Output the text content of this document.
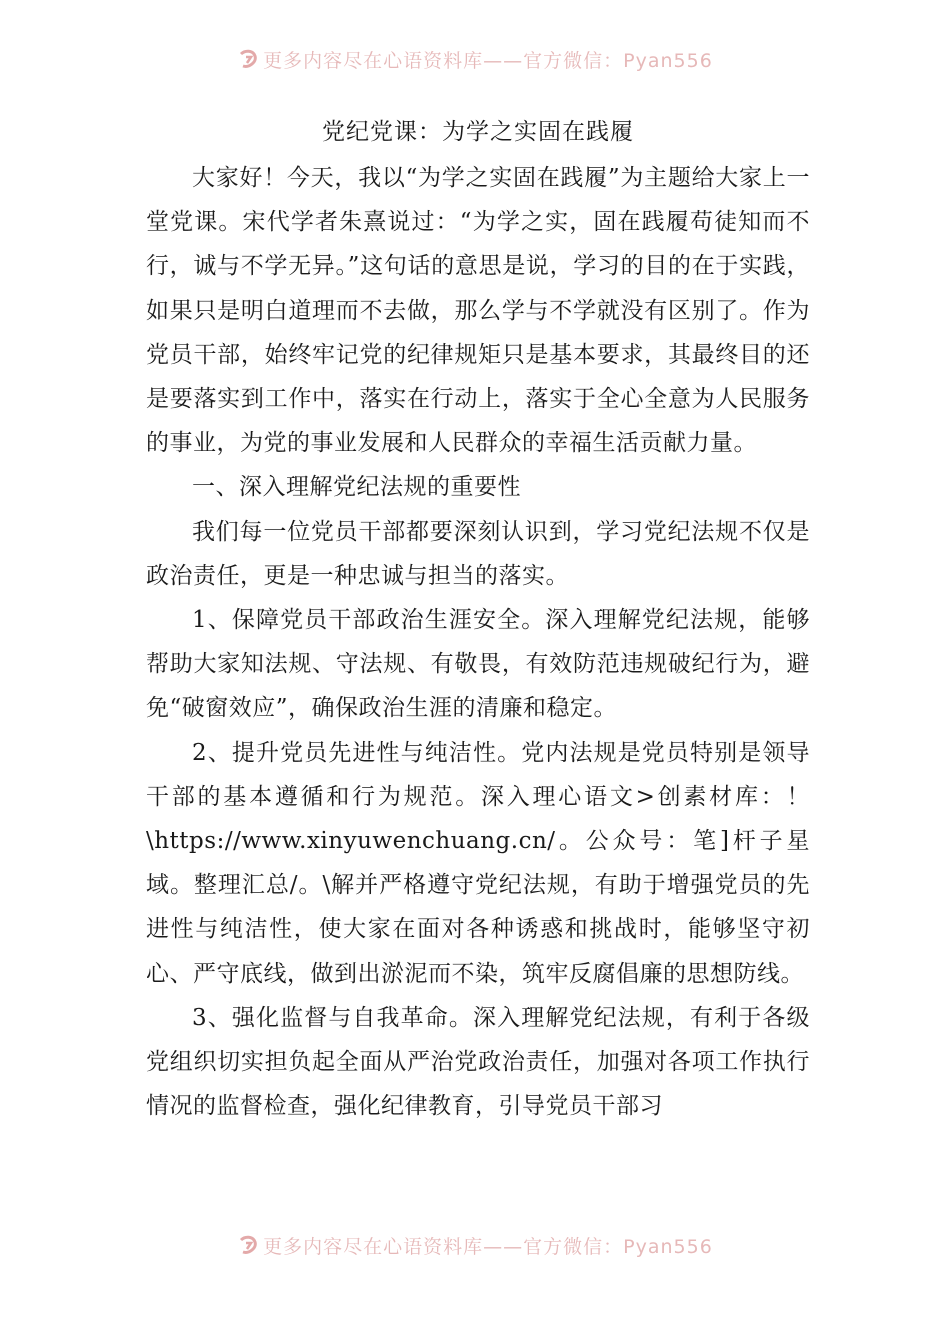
更多内容尽在心语资料库——官方微信：Pyan556
党纪党课：为学之实固在践履

大家好！今天，我以“为学之实固在践履”为主题给大家上一堂党课。宋代学者朱熹说过：“为学之实，固在践履苟徒知而不行，诚与不学无异。”这句话的意思是说，学习的目的在于实践，如果只是明白道理而不去做，那么学与不学就没有区别了。作为党员干部，始终牢记党的纪律规矩只是基本要求，其最终目的还是要落实到工作中，落实在行动上，落实于全心全意为人民服务的事业，为党的事业发展和人民群众的幸福生活贡献力量。

一、深入理解党纪法规的重要性

我们每一位党员干部都要深刻认识到，学习党纪法规不仅是政治责任，更是一种忠诚与担当的落实。

1、保障党员干部政治生涯安全。深入理解党纪法规，能够帮助大家知法规、守法规、有敬畏，有效防范违规破纪行为，避免“破窗效应”，确保政治生涯的清廉和稳定。

2、提升党员先进性与纯洁性。党内法规是党员特别是领导干部的基本遵循和行为规范。深入理心语文>创素材库：！\https://www.xinyuwenchuang.cn/。公众号：笔]杆子星域。整理汇总/。\解并严格遵守党纪法规，有助于增强党员的先进性与纯洁性，使大家在面对各种诱惑和挑战时，能够坚守初心、严守底线，做到出淤泥而不染，筑牢反腐倡廉的思想防线。

3、强化监督与自我革命。深入理解党纪法规，有利于各级党组织切实担负起全面从严治党政治责任，加强对各项工作执行情况的监督检查，强化纪律教育，引导党员干部习

更多内容尽在心语资料库——官方微信：Pyan556
